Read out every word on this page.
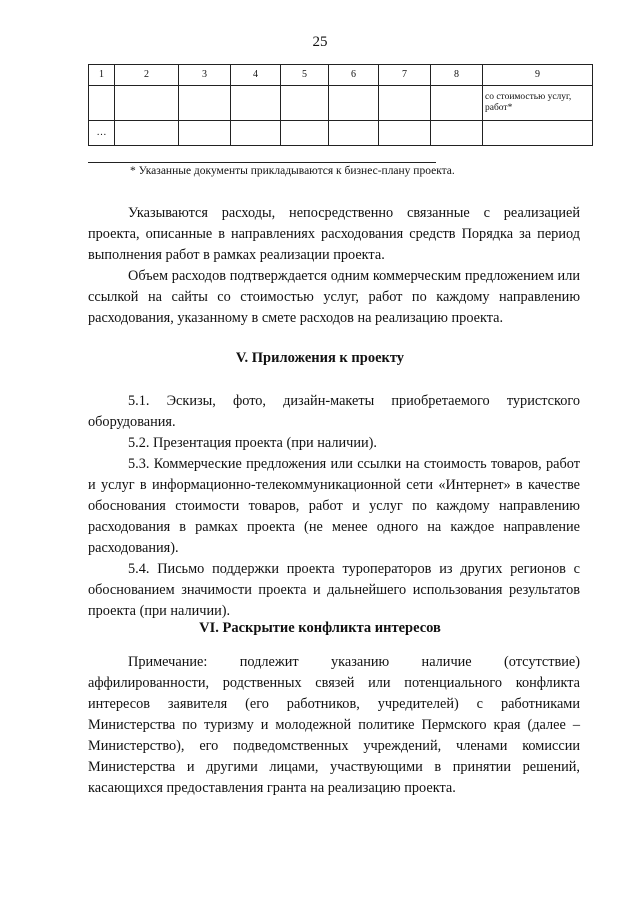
25
1	2	3	4	5	6	7	8	9
								со стоимостью услуг, работ*
…								
* Указанные документы прикладываются к бизнес-плану проекта.
Указываются расходы, непосредственно связанные с реализацией проекта, описанные в направлениях расходования средств Порядка за период выполнения работ в рамках реализации проекта.
Объем расходов подтверждается одним коммерческим предложением или ссылкой на сайты со стоимостью услуг, работ по каждому направлению расходования, указанному в смете расходов на реализацию проекта.
V. Приложения к проекту
5.1. Эскизы, фото, дизайн-макеты приобретаемого туристского оборудования.
5.2. Презентация проекта (при наличии).
5.3. Коммерческие предложения или ссылки на стоимость товаров, работ и услуг в информационно-телекоммуникационной сети «Интернет» в качестве обоснования стоимости товаров, работ и услуг по каждому направлению расходования в рамках проекта (не менее одного на каждое направление расходования).
5.4. Письмо поддержки проекта туроператоров из других регионов с обоснованием значимости проекта и дальнейшего использования результатов проекта (при наличии).
VI. Раскрытие конфликта интересов
Примечание: подлежит указанию наличие (отсутствие) аффилированности, родственных связей или потенциального конфликта интересов заявителя (его работников, учредителей) с работниками Министерства по туризму и молодежной политике Пермского края (далее – Министерство), его подведомственных учреждений, членами комиссии Министерства и другими лицами, участвующими в принятии решений, касающихся предоставления гранта на реализацию проекта.
